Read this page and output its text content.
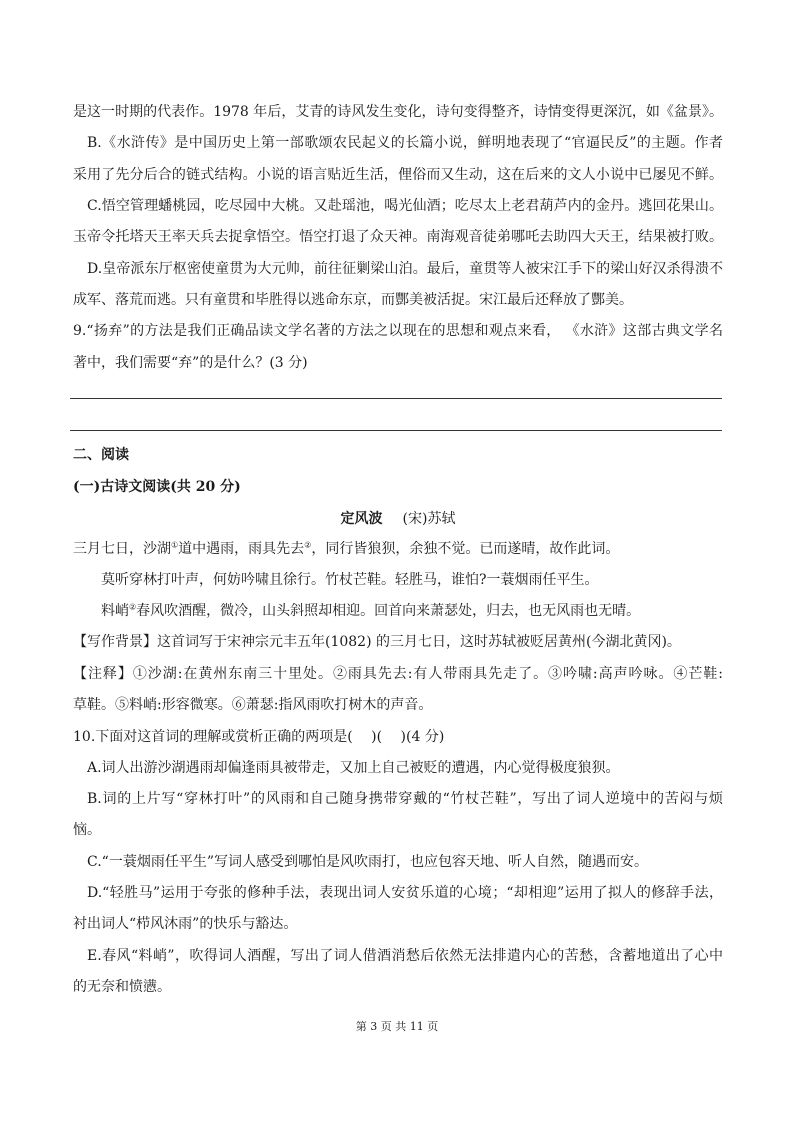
是这一时期的代表作。1978 年后，艾青的诗风发生变化，诗句变得整齐，诗情变得更深沉，如《盆景》。
B.《水浒传》是中国历史上第一部歌颂农民起义的长篇小说，鲜明地表现了“官逼民反”的主题。作者
采用了先分后合的链式结构。小说的语言贴近生活，俚俗而又生动，这在后来的文人小说中已屡见不鲜。
C.悟空管理蟠桃园，吃尽园中大桃。又赴瑶池，喝光仙酒；吃尽太上老君葫芦内的金丹。逃回花果山。
玉帝令托塔天王率天兵去捉拿悟空。悟空打退了众天神。南海观音徒弟哪吒去助四大天王，结果被打败。
D.皇帝派东厅枢密使童贯为大元帅，前往征剿梁山泊。最后，童贯等人被宋江手下的梁山好汉杀得溃不
成军、落荒而逃。只有童贯和毕胜得以逃命东京，而酆美被活捉。宋江最后还释放了酆美。
9.“扬弃”的方法是我们正确品读文学名著的方法之以现在的思想和观点来看， 《水浒》这部古典文学名
著中，我们需要“弃”的是什么？(3 分)
二、阅读
(一)古诗文阅读(共 20 分)
定风波 (宋)苏轼
三月七日，沙湖①道中遇雨，雨具先去②，同行皆狼狈，余独不觉。已而遂晴，故作此词。
莫听穿林打叶声，何妨吟啸且徐行。竹杖芒鞋。轻胜马，谁怕?一蓑烟雨任平生。
料峭②春风吹酒醒，微冷，山头斜照却相迎。回首向来萧瑟处，归去，也无风雨也无晴。
【写作背景】这首词写于宋神宗元丰五年(1082) 的三月七日，这时苏轼被贬居黄州(今湖北黄冈)。
【注释】①沙湖:在黄州东南三十里处。②雨具先去:有人带雨具先走了。③吟啸:高声吟咏。④芒鞋:
草鞋。⑤料峭:形容微寒。⑥萧瑟:指风雨吹打树木的声音。
10.下面对这首词的理解或赏析正确的两项是(　 )(　 )(4 分)
A.词人出游沙湖遇雨却偏逢雨具被带走，又加上自己被贬的遭遇，内心觉得极度狼狈。
B.词的上片写“穿林打叶”的风雨和自己随身携带穿戴的“竹杖芒鞋”，写出了词人逆境中的苦闷与烦
恼。
C.“一蓑烟雨任平生”写词人感受到哪怕是风吹雨打，也应包容天地、听人自然，随遇而安。
D.“轻胜马”运用于夸张的修种手法，表现出词人安贫乐道的心境；“却相迎”运用了拟人的修辞手法，
衬出词人“栉风沐雨”的快乐与豁达。
E.春风“料峭”，吹得词人酒醒，写出了词人借酒消愁后依然无法排遣内心的苦愁，含蓄地道出了心中
的无奈和愤懑。
第 3 页 共 11 页
